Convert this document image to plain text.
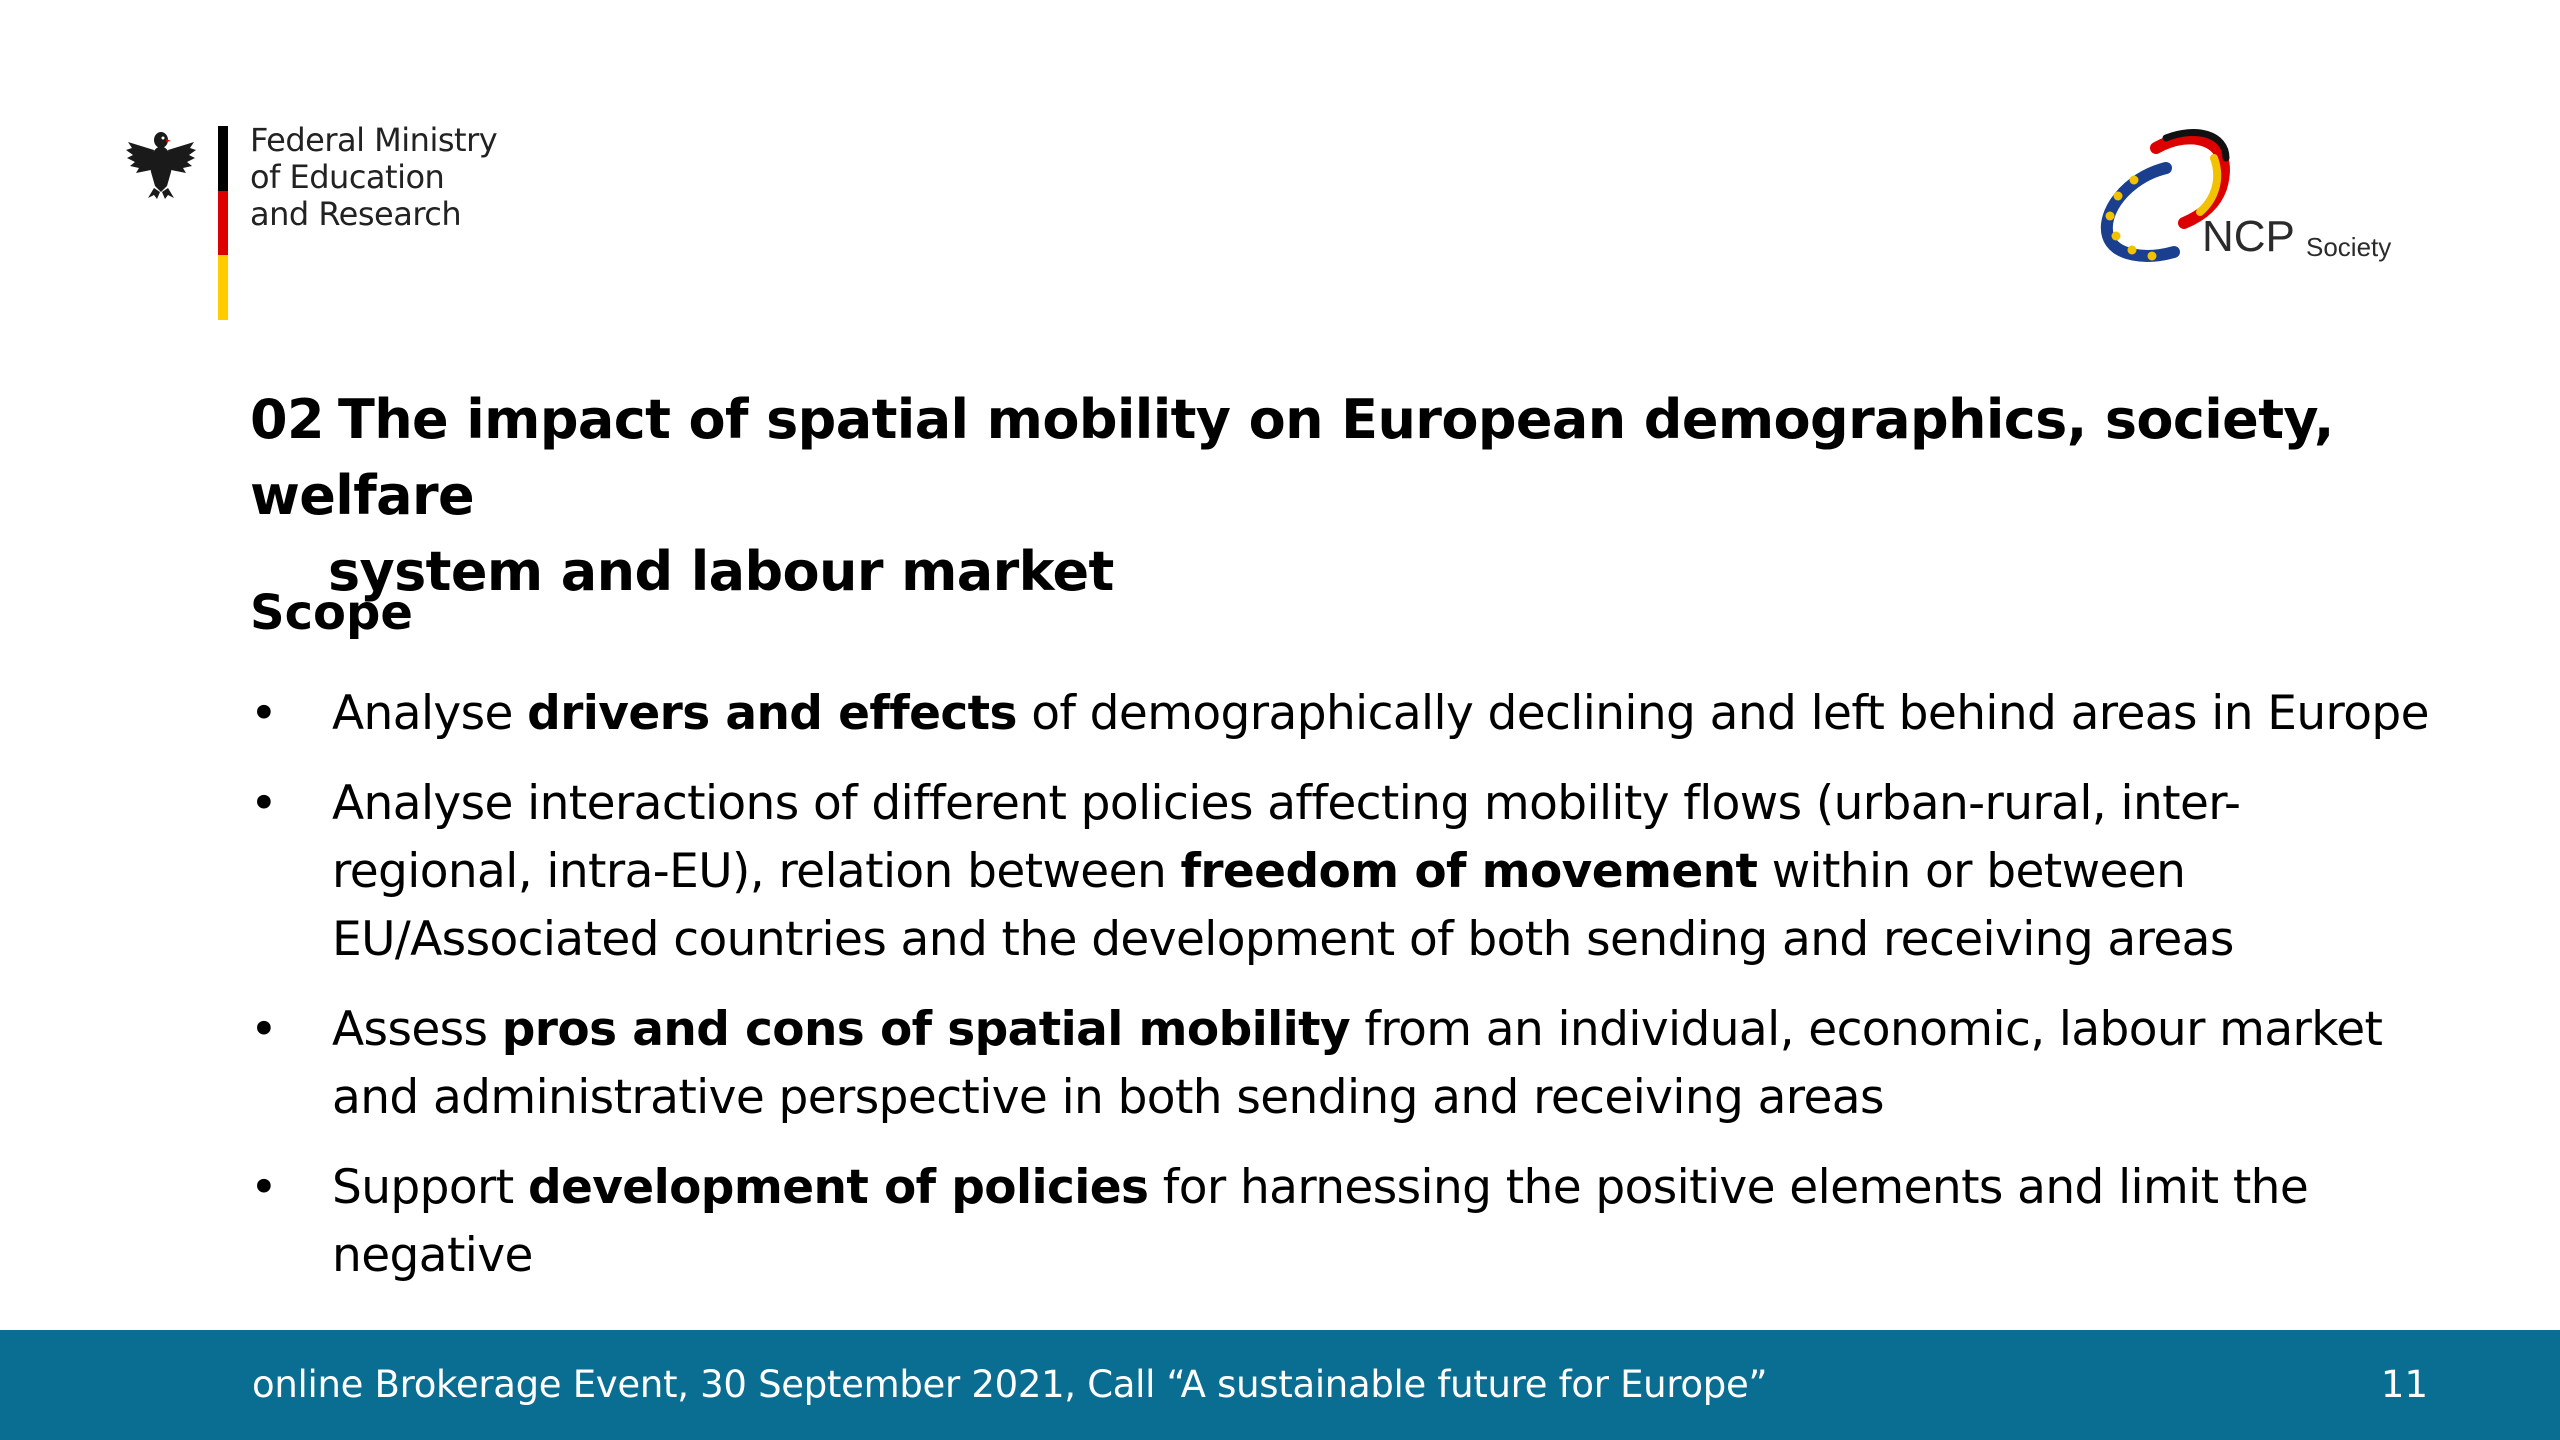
Federal Ministry
of Education
and Research	NCP Society
02 The impact of spatial mobility on European demographics, society, welfare
system and labour market
Scope
• Analyse drivers and effects of demographically declining and left behind areas in Europe
• Analyse interactions of different policies affecting mobility flows (urban-rural, inter-regional, intra-EU), relation between freedom of movement within or between EU/Associated countries and the development of both sending and receiving areas
• Assess pros and cons of spatial mobility from an individual, economic, labour market and administrative perspective in both sending and receiving areas
• Support development of policies for harnessing the positive elements and limit the negative
online Brokerage Event, 30 September 2021, Call “A sustainable future for Europe”	11
